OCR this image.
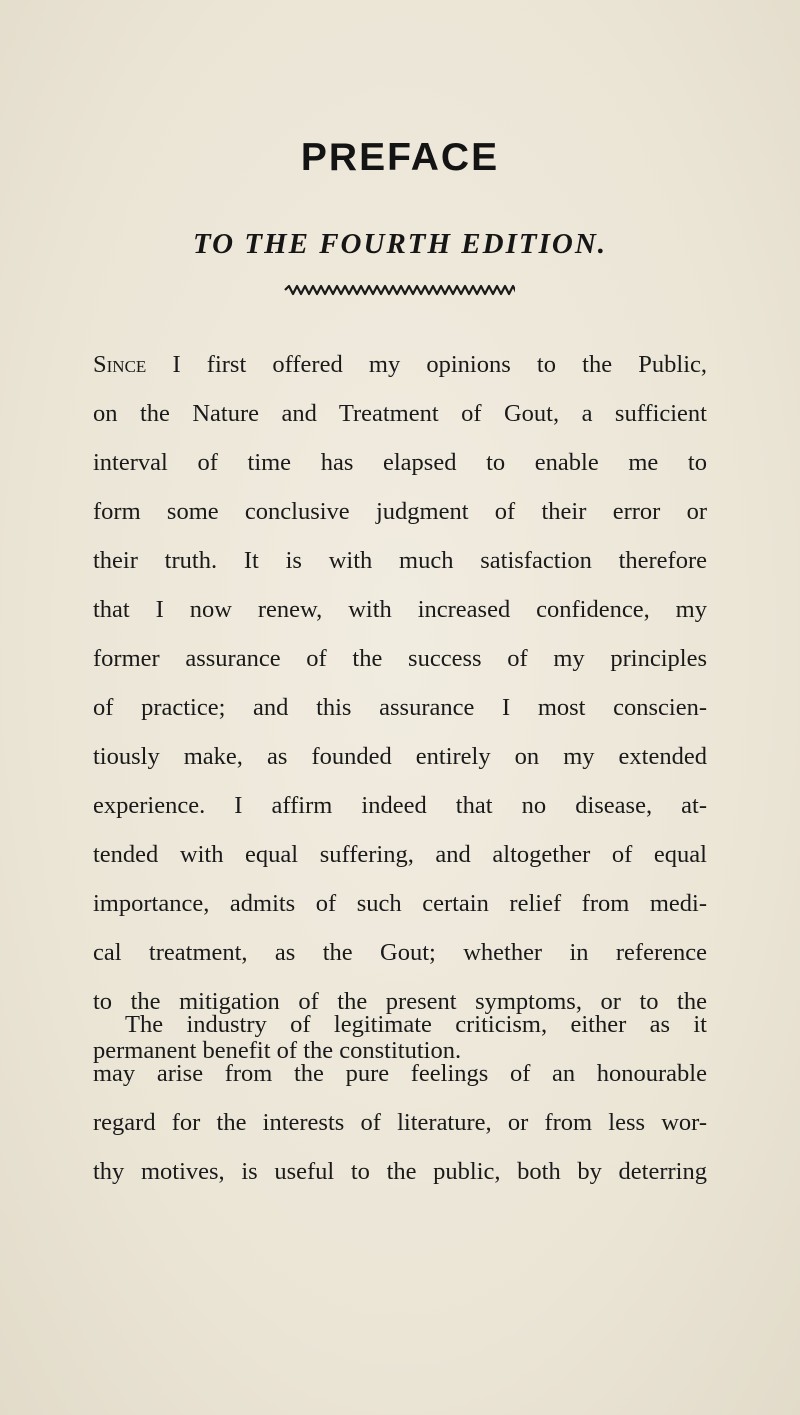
PREFACE
TO THE FOURTH EDITION.
Since I first offered my opinions to the Public,
on the Nature and Treatment of Gout, a sufficient
interval of time has elapsed to enable me to
form some conclusive judgment of their error or
their truth. It is with much satisfaction therefore
that I now renew, with increased confidence, my
former assurance of the success of my principles
of practice; and this assurance I most conscien-
tiously make, as founded entirely on my extended
experience. I affirm indeed that no disease, at-
tended with equal suffering, and altogether of equal
importance, admits of such certain relief from medi-
cal treatment, as the Gout; whether in reference
to the mitigation of the present symptoms, or to the
permanent benefit of the constitution.
The industry of legitimate criticism, either as it
may arise from the pure feelings of an honourable
regard for the interests of literature, or from less wor-
thy motives, is useful to the public, both by deterring
